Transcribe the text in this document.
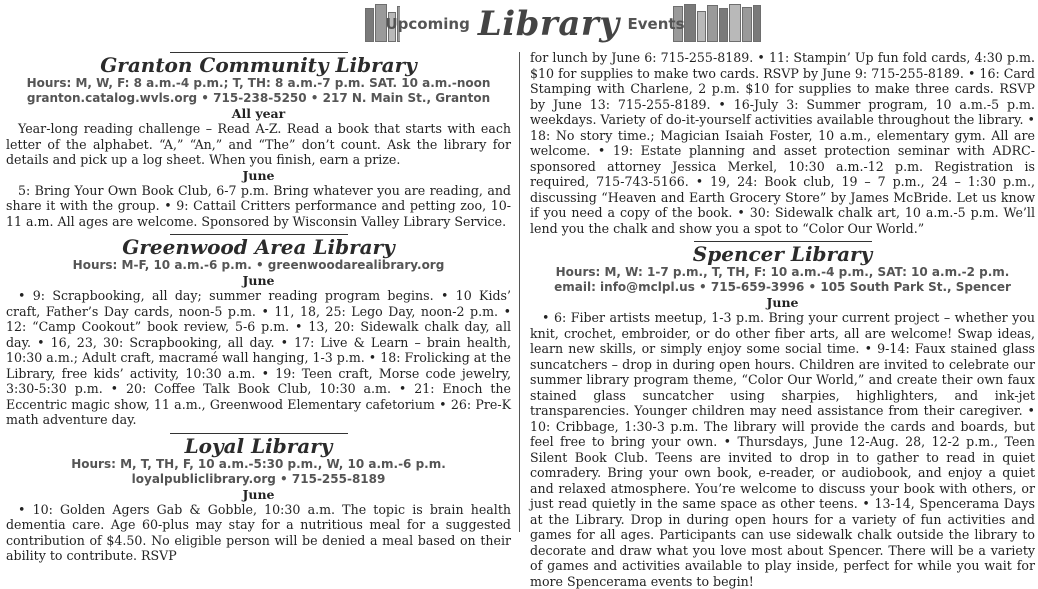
Upcoming Library Events
Granton Community Library
Hours: M, W, F: 8 a.m.-4 p.m.; T, TH: 8 a.m.-7 p.m. SAT. 10 a.m.-noon
granton.catalog.wvls.org • 715-238-5250 • 217 N. Main St., Granton
All year

Year-long reading challenge – Read A-Z. Read a book that starts with each letter of the alphabet. “A,” “An,” and “The” don’t count. Ask the library for details and pick up a log sheet. When you finish, earn a prize.

June

5: Bring Your Own Book Club, 6-7 p.m. Bring whatever you are reading, and share it with the group. • 9: Cattail Critters performance and petting zoo, 10-11 a.m. All ages are welcome. Sponsored by Wisconsin Valley Library Service.

Greenwood Area Library
Hours: M-F, 10 a.m.-6 p.m. • greenwoodarealibrary.org
June

• 9: Scrapbooking, all day; summer reading program begins. • 10 Kids’ craft, Father’s Day cards, noon-5 p.m. • 11, 18, 25: Lego Day, noon-2 p.m. • 12: “Camp Cookout” book review, 5-6 p.m. • 13, 20: Sidewalk chalk day, all day. • 16, 23, 30: Scrapbooking, all day. • 17: Live & Learn – brain health, 10:30 a.m.; Adult craft, macramé wall hanging, 1-3 p.m. • 18: Frolicking at the Library, free kids’ activity, 10:30 a.m. • 19: Teen craft, Morse code jewelry, 3:30-5:30 p.m. • 20: Coffee Talk Book Club, 10:30 a.m. • 21: Enoch the Eccentric magic show, 11 a.m., Greenwood Elementary cafetorium • 26: Pre-K math adventure day.

Loyal Library
Hours: M, T, TH, F, 10 a.m.-5:30 p.m., W, 10 a.m.-6 p.m.
loyalpubliclibrary.org • 715-255-8189
June

• 10: Golden Agers Gab & Gobble, 10:30 a.m. The topic is brain health dementia care. Age 60-plus may stay for a nutritious meal for a suggested contribution of $4.50. No eligible person will be denied a meal based on their ability to contribute. RSVP

for lunch by June 6: 715-255-8189. • 11: Stampin’ Up fun fold cards, 4:30 p.m. $10 for supplies to make two cards. RSVP by June 9: 715-255-8189. • 16: Card Stamping with Charlene, 2 p.m. $10 for supplies to make three cards. RSVP by June 13: 715-255-8189. • 16-July 3: Summer program, 10 a.m.-5 p.m. weekdays. Variety of do-it-yourself activities available throughout the library. • 18: No story time.; Magician Isaiah Foster, 10 a.m., elementary gym. All are welcome. • 19: Estate planning and asset protection seminar with ADRC-sponsored attorney Jessica Merkel, 10:30 a.m.-12 p.m. Registration is required, 715-743-5166. • 19, 24: Book club, 19 – 7 p.m., 24 – 1:30 p.m., discussing “Heaven and Earth Grocery Store” by James McBride. Let us know if you need a copy of the book. • 30: Sidewalk chalk art, 10 a.m.-5 p.m. We’ll lend you the chalk and show you a spot to “Color Our World.”

Spencer Library
Hours: M, W: 1-7 p.m., T, TH, F: 10 a.m.-4 p.m., SAT: 10 a.m.-2 p.m.
email: info@mclpl.us • 715-659-3996 • 105 South Park St., Spencer
June

• 6: Fiber artists meetup, 1-3 p.m. Bring your current project – whether you knit, crochet, embroider, or do other fiber arts, all are welcome! Swap ideas, learn new skills, or simply enjoy some social time. • 9-14: Faux stained glass suncatchers – drop in during open hours. Children are invited to celebrate our summer library program theme, “Color Our World,” and create their own faux stained glass suncatcher using sharpies, highlighters, and ink-jet transparencies. Younger children may need assistance from their caregiver. • 10: Cribbage, 1:30-3 p.m. The library will provide the cards and boards, but feel free to bring your own. • Thursdays, June 12-Aug. 28, 12-2 p.m., Teen Silent Book Club. Teens are invited to drop in to gather to read in quiet comradery. Bring your own book, e-reader, or audiobook, and enjoy a quiet and relaxed atmosphere. You’re welcome to discuss your book with others, or just read quietly in the same space as other teens. • 13-14, Spencerama Days at the Library. Drop in during open hours for a variety of fun activities and games for all ages. Participants can use sidewalk chalk outside the library to decorate and draw what you love most about Spencer. There will be a variety of games and activities available to play inside, perfect for while you wait for more Spencerama events to begin!
